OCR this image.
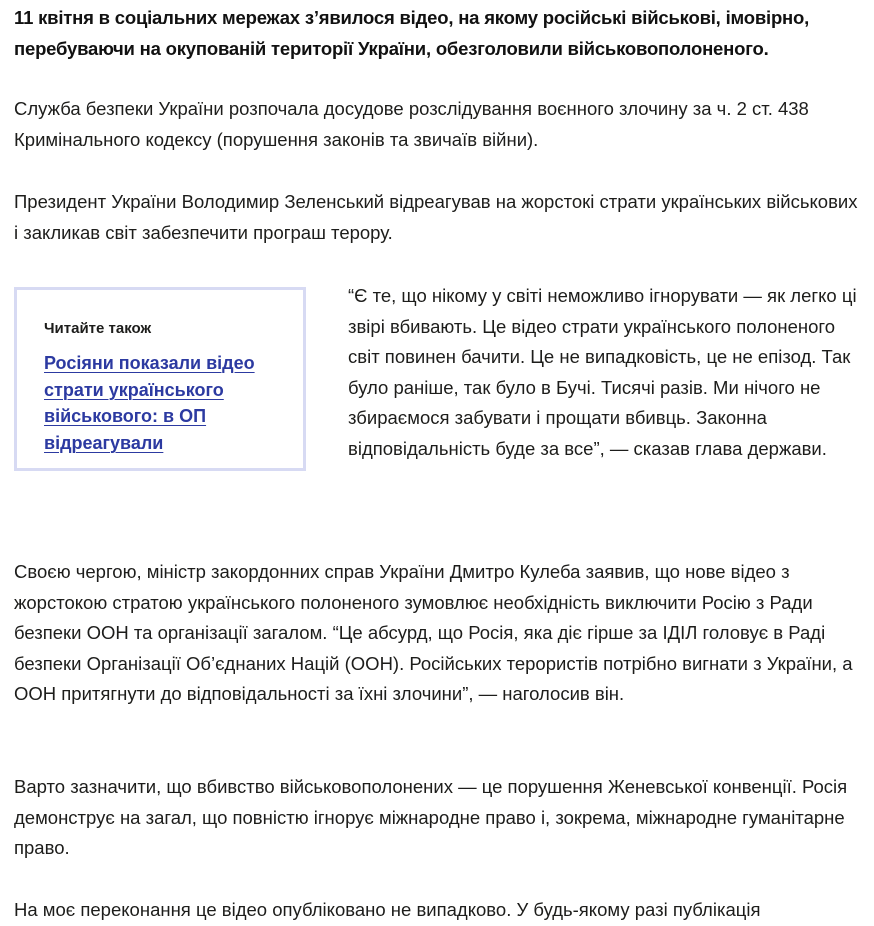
11 квітня в соціальних мережах з’явилося відео, на якому російські військові, імовірно, перебуваючи на окупованій території України, обезголовили військовополоненого.

Служба безпеки України розпочала досудове розслідування воєнного злочину за ч. 2 ст. 438 Кримінального кодексу (порушення законів та звичаїв війни).

Президент України Володимир Зеленський відреагував на жорстокі страти українських військових і закликав світ забезпечити програш терору.

Читайте також
Росіяни показали відео страти українського військового: в ОП відреагували

“Є те, що нікому у світі неможливо ігнорувати — як легко ці звірі вбивають. Це відео страти українського полоненого світ повинен бачити. Це не випадковість, це не епізод. Так було раніше, так було в Бучі. Тисячі разів. Ми нічого не збираємося забувати і прощати вбивць. Законна відповідальність буде за все”, — сказав глава держави.

Своєю чергою, міністр закордонних справ України Дмитро Кулеба заявив, що нове відео з жорстокою стратою українського полоненого зумовлює необхідність виключити Росію з Ради безпеки ООН та організації загалом. “Це абсурд, що Росія, яка діє гірше за ІДІЛ головує в Раді безпеки Організації Об’єднаних Націй (ООН). Російських терористів потрібно вигнати з України, а ООН притягнути до відповідальності за їхні злочини”, — наголосив він.

Варто зазначити, що вбивство військовополонених — це порушення Женевської конвенції. Росія демонструє на загал, що повністю ігнорує міжнародне право і, зокрема, міжнародне гуманітарне право.

На моє переконання це відео опубліковано не випадково. У будь-якому разі публікація
